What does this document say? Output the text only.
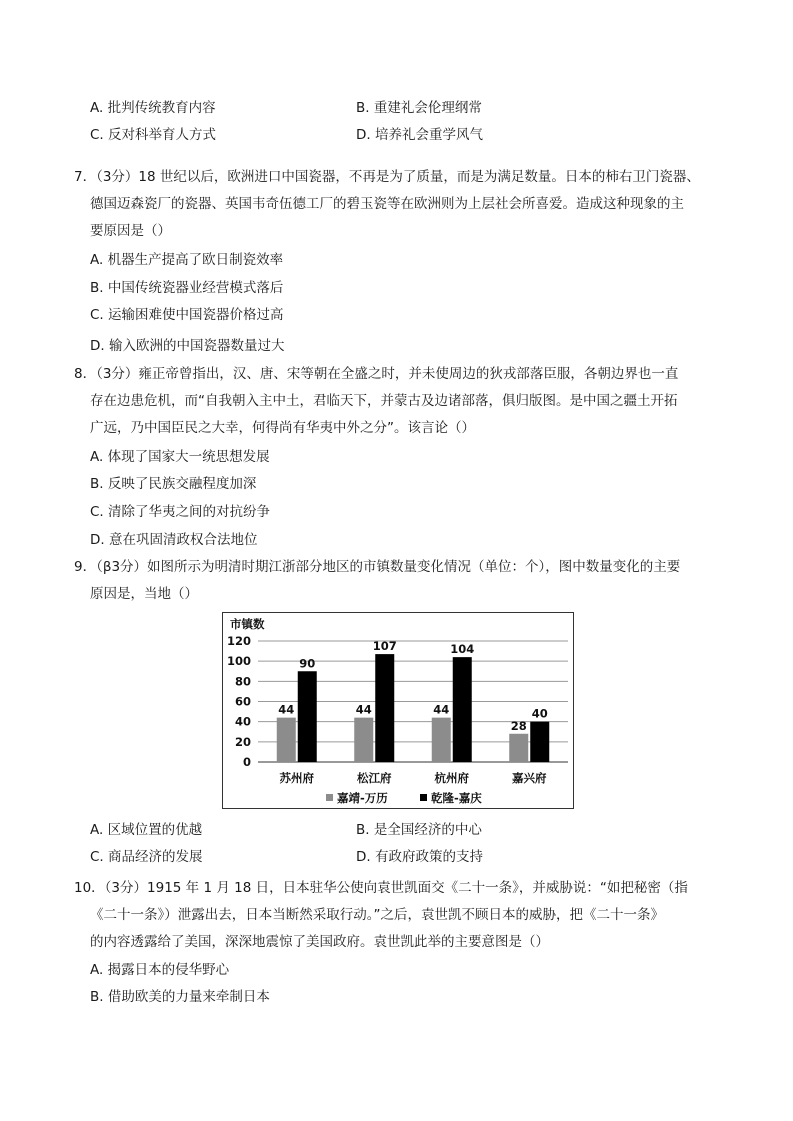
A. 批判传统教育内容	B. 重建礼会伦理纲常
C. 反对科举育人方式	D. 培养礼会重学风气
7．（3分）18 世纪以后，欧洲进口中国瓷器，不再是为了质量，而是为满足数量。日本的柿右卫门瓷器、
德国迈森瓷厂的瓷器、英国韦奇伍德工厂的碧玉瓷等在欧洲则为上层社会所喜爱。造成这种现象的主
要原因是（）
A. 机器生产提高了欧日制瓷效率
B. 中国传统瓷器业经营模式落后
C. 运输困难使中国瓷器价格过高
D. 输入欧洲的中国瓷器数量过大
8．（3分）雍正帝曾指出，汉、唐、宋等朝在全盛之时，并未使周边的狄戎部落臣服，各朝边界也一直
存在边患危机，而“自我朝入主中土，君临天下，并蒙古及边诸部落，俱归版图。是中国之疆土开拓
广远，乃中国臣民之大幸，何得尚有华夷中外之分”。该言论（）
A. 体现了国家大一统思想发展
B. 反映了民族交融程度加深
C. 清除了华夷之间的对抗纷争
D. 意在巩固清政权合法地位
9．（β3分）如图所示为明清时期江浙部分地区的市镇数量变化情况（单位：个），图中数量变化的主要
原因是，当地（）
市镇数
0
20
40
60
80
100
120
44
90
苏州府
44
107
松江府
44
104
杭州府
28
40
嘉兴府
嘉靖-万历	乾隆-嘉庆
A. 区域位置的优越	B. 是全国经济的中心
C. 商品经济的发展	D. 有政府政策的支持
10．（3分）1915 年 1 月 18 日，日本驻华公使向袁世凯面交《二十一条》，并威胁说：“如把秘密（指
《二十一条》）泄露出去，日本当断然采取行动。”之后，袁世凯不顾日本的威胁，把《二十一条》
的内容透露给了美国，深深地震惊了美国政府。袁世凯此举的主要意图是（）
A. 揭露日本的侵华野心
B. 借助欧美的力量来牵制日本
